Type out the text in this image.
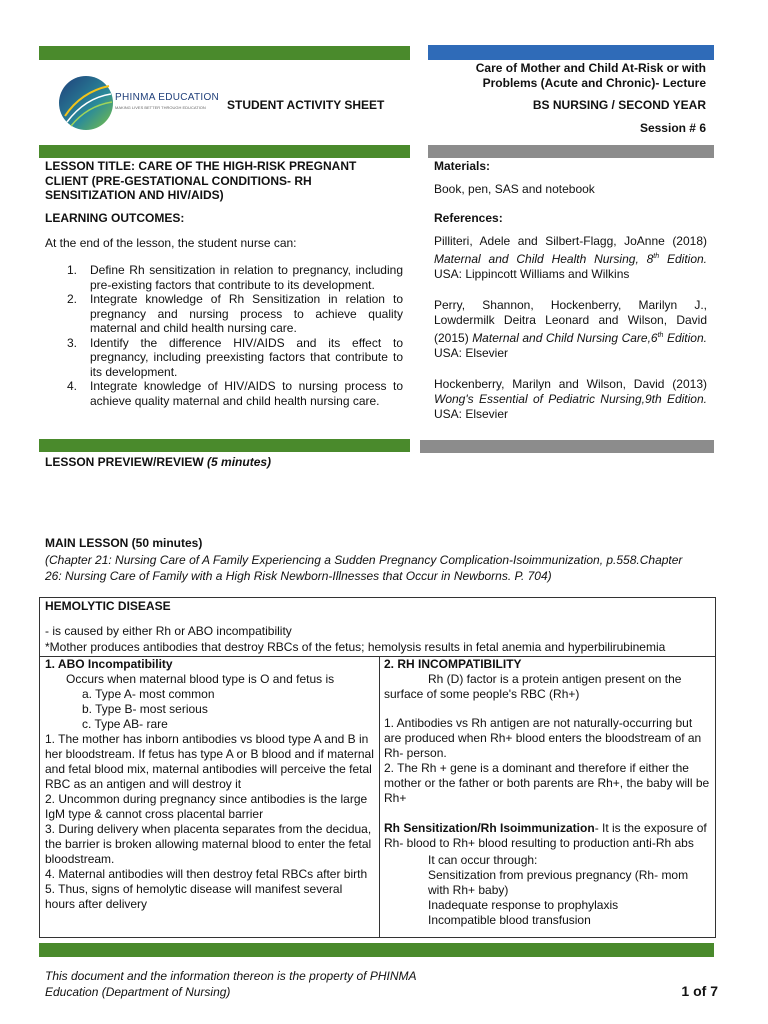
PHINMA EDUCATION
MAKING LIVES BETTER THROUGH EDUCATION STUDENT ACTIVITY SHEET
Care of Mother and Child At-Risk or with
Problems (Acute and Chronic)- Lecture
BS NURSING / SECOND YEAR
Session # 6
LESSON TITLE: CARE OF THE HIGH-RISK PREGNANT
CLIENT (PRE-GESTATIONAL CONDITIONS- RH
SENSITIZATION AND HIV/AIDS)
LEARNING OUTCOMES:
At the end of the lesson, the student nurse can:
1. Define Rh sensitization in relation to pregnancy, including pre-existing factors that contribute to its development.
2. Integrate knowledge of Rh Sensitization in relation to pregnancy and nursing process to achieve quality maternal and child health nursing care.
3. Identify the difference HIV/AIDS and its effect to pregnancy, including preexisting factors that contribute to its development.
4. Integrate knowledge of HIV/AIDS to nursing process to achieve quality maternal and child health nursing care.
Materials:
Book, pen, SAS and notebook
References:

Pilliteri, Adele and Silbert-Flagg, JoAnne (2018) Maternal and Child Health Nursing, 8th Edition. USA: Lippincott Williams and Wilkins

Perry, Shannon, Hockenberry, Marilyn J., Lowdermilk Deitra Leonard and Wilson, David (2015) Maternal and Child Nursing Care,6th Edition. USA: Elsevier

Hockenberry, Marilyn and Wilson, David (2013) Wong's Essential of Pediatric Nursing,9th Edition. USA: Elsevier

LESSON PREVIEW/REVIEW (5 minutes)
MAIN LESSON (50 minutes)
(Chapter 21: Nursing Care of A Family Experiencing a Sudden Pregnancy Complication-Isoimmunization, p.558.Chapter
26: Nursing Care of Family with a High Risk Newborn-Illnesses that Occur in Newborns. P. 704)
HEMOLYTIC DISEASE
- is caused by either Rh or ABO incompatibility
*Mother produces antibodies that destroy RBCs of the fetus; hemolysis results in fetal anemia and hyperbilirubinemia

1. ABO Incompatibility

Occurs when maternal blood type is O and fetus is

a. Type A- most common

b. Type B- most serious

c. Type AB- rare

1. The mother has inborn antibodies vs blood type A and B in her bloodstream. If fetus has type A or B blood and if maternal and fetal blood mix, maternal antibodies will perceive the fetal RBC as an antigen and will destroy it

2. Uncommon during pregnancy since antibodies is the large IgM type & cannot cross placental barrier

3. During delivery when placenta separates from the decidua, the barrier is broken allowing maternal blood to enter the fetal bloodstream.

4. Maternal antibodies will then destroy fetal RBCs after birth

5. Thus, signs of hemolytic disease will manifest several hours after delivery

2. RH INCOMPATIBILITY

Rh (D) factor is a protein antigen present on the surface of some people's RBC (Rh+)

1. Antibodies vs Rh antigen are not naturally-occurring but are produced when Rh+ blood enters the bloodstream of an Rh- person.

2. The Rh + gene is a dominant and therefore if either the mother or the father or both parents are Rh+, the baby will be Rh+

Rh Sensitization/Rh Isoimmunization- It is the exposure of Rh- blood to Rh+ blood resulting to production anti-Rh abs

It can occur through:

Sensitization from previous pregnancy (Rh- mom with Rh+ baby)

Inadequate response to prophylaxis

Incompatible blood transfusion

This document and the information thereon is the property of PHINMA
Education (Department of Nursing)	1 of 7
